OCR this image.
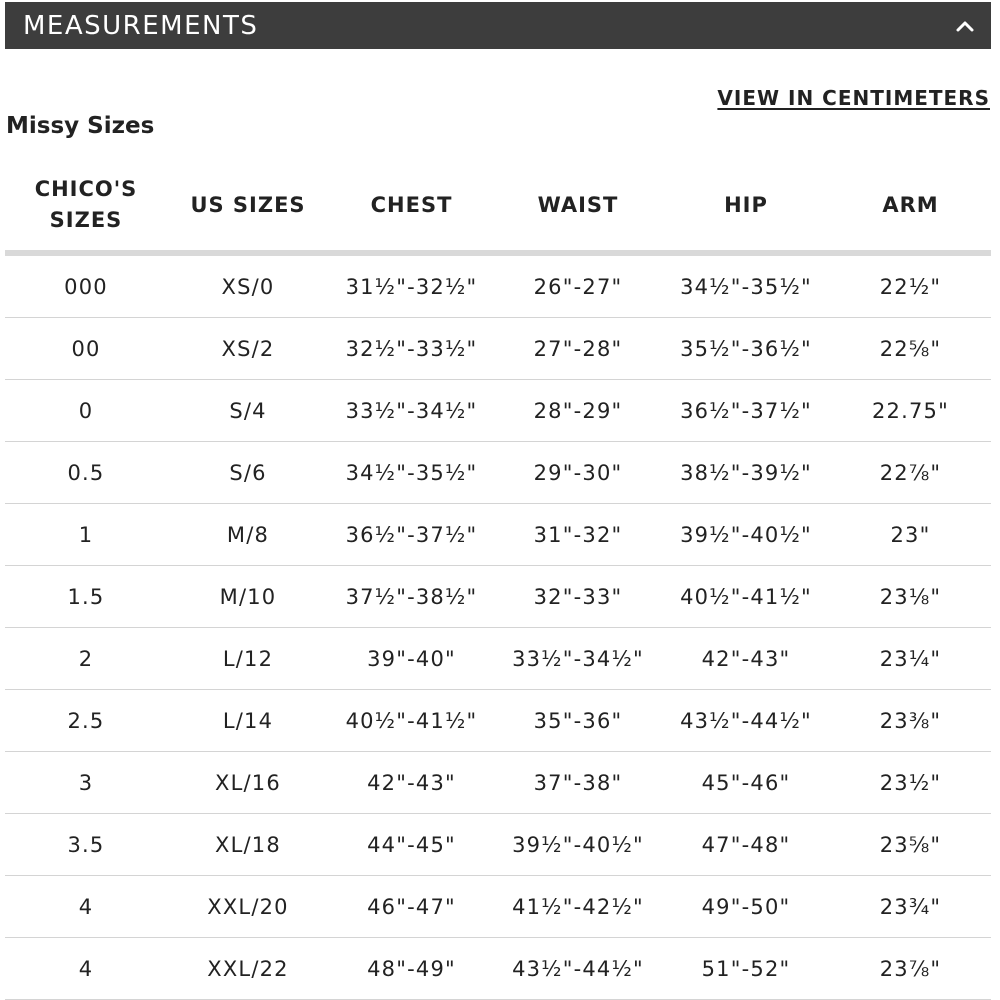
MEASUREMENTS
VIEW IN CENTIMETERS
Missy Sizes
CHICO'S
SIZES	US SIZES	CHEST	WAIST	HIP	ARM
000	XS/0	31½"-32½"	26"-27"	34½"-35½"	22½"
00	XS/2	32½"-33½"	27"-28"	35½"-36½"	22⅝"
0	S/4	33½"-34½"	28"-29"	36½"-37½"	22.75"
0.5	S/6	34½"-35½"	29"-30"	38½"-39½"	22⅞"
1	M/8	36½"-37½"	31"-32"	39½"-40½"	23"
1.5	M/10	37½"-38½"	32"-33"	40½"-41½"	23⅛"
2	L/12	39"-40"	33½"-34½"	42"-43"	23¼"
2.5	L/14	40½"-41½"	35"-36"	43½"-44½"	23⅜"
3	XL/16	42"-43"	37"-38"	45"-46"	23½"
3.5	XL/18	44"-45"	39½"-40½"	47"-48"	23⅝"
4	XXL/20	46"-47"	41½"-42½"	49"-50"	23¾"
4	XXL/22	48"-49"	43½"-44½"	51"-52"	23⅞"
